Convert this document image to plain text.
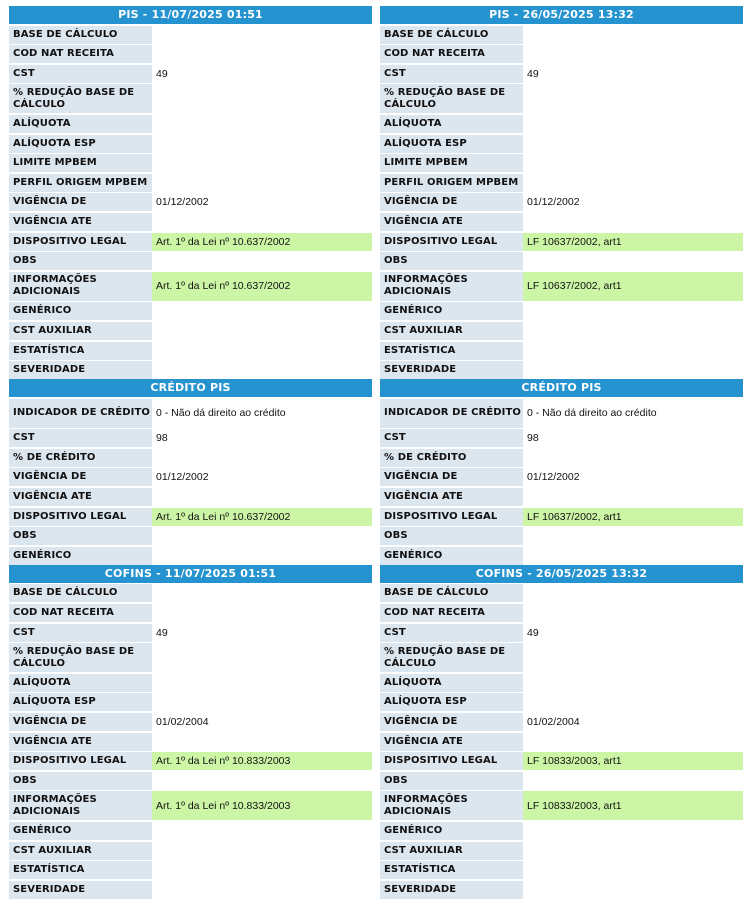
PIS - 11/07/2025 01:51
BASE DE CÁLCULO
COD NAT RECEITA
CST	49
% REDUÇÃO BASE DE CÁLCULO
ALÍQUOTA
ALÍQUOTA ESP
LIMITE MPBEM
PERFIL ORIGEM MPBEM
VIGÊNCIA DE	01/12/2002
VIGÊNCIA ATE
DISPOSITIVO LEGAL	Art. 1º da Lei nº 10.637/2002
OBS
INFORMAÇÕES ADICIONAIS	Art. 1º da Lei nº 10.637/2002
GENÉRICO
CST AUXILIAR
ESTATÍSTICA
SEVERIDADE
CRÉDITO PIS
INDICADOR DE CRÉDITO 0 - Não dá direito ao crédito
CST	98
% DE CRÉDITO
VIGÊNCIA DE	01/12/2002
VIGÊNCIA ATE
DISPOSITIVO LEGAL	Art. 1º da Lei nº 10.637/2002
OBS
GENÉRICO
COFINS - 11/07/2025 01:51
BASE DE CÁLCULO
COD NAT RECEITA
CST	49
% REDUÇÃO BASE DE CÁLCULO
ALÍQUOTA
ALÍQUOTA ESP
VIGÊNCIA DE	01/02/2004
VIGÊNCIA ATE
DISPOSITIVO LEGAL	Art. 1º da Lei nº 10.833/2003
OBS
INFORMAÇÕES ADICIONAIS	Art. 1º da Lei nº 10.833/2003
GENÉRICO
CST AUXILIAR
ESTATÍSTICA
SEVERIDADE
PIS - 26/05/2025 13:32
BASE DE CÁLCULO
COD NAT RECEITA
CST	49
% REDUÇÃO BASE DE CÁLCULO
ALÍQUOTA
ALÍQUOTA ESP
LIMITE MPBEM
PERFIL ORIGEM MPBEM
VIGÊNCIA DE	01/12/2002
VIGÊNCIA ATE
DISPOSITIVO LEGAL	LF 10637/2002, art1
OBS
INFORMAÇÕES ADICIONAIS	LF 10637/2002, art1
GENÉRICO
CST AUXILIAR
ESTATÍSTICA
SEVERIDADE
CRÉDITO PIS
INDICADOR DE CRÉDITO 0 - Não dá direito ao crédito
CST	98
% DE CRÉDITO
VIGÊNCIA DE	01/12/2002
VIGÊNCIA ATE
DISPOSITIVO LEGAL	LF 10637/2002, art1
OBS
GENÉRICO
COFINS - 26/05/2025 13:32
BASE DE CÁLCULO
COD NAT RECEITA
CST	49
% REDUÇÃO BASE DE CÁLCULO
ALÍQUOTA
ALÍQUOTA ESP
VIGÊNCIA DE	01/02/2004
VIGÊNCIA ATE
DISPOSITIVO LEGAL	LF 10833/2003, art1
OBS
INFORMAÇÕES ADICIONAIS	LF 10833/2003, art1
GENÉRICO
CST AUXILIAR
ESTATÍSTICA
SEVERIDADE
